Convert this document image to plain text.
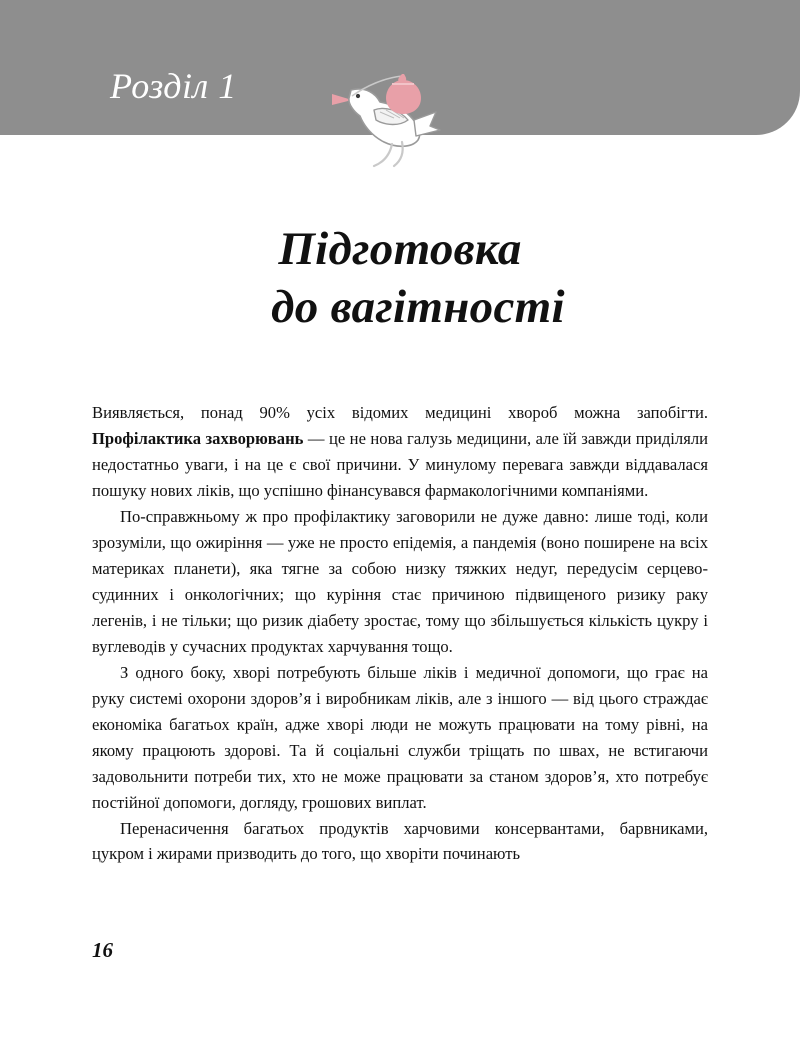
Розділ 1
Підготовка
до вагітності

Виявляється, понад 90% усіх відомих медицині хвороб можна запобігти. Профілактика захворювань — це не нова галузь медицини, але їй завжди приділяли недостатньо уваги, і на це є свої причини. У минулому перевага завжди віддавалася пошуку нових ліків, що успішно фінансувався фармакологічними компаніями.

По-справжньому ж про профілактику заговорили не дуже давно: лише тоді, коли зрозуміли, що ожиріння — уже не просто епідемія, а пандемія (воно поширене на всіх материках планети), яка тягне за собою низку тяжких недуг, передусім серцево-судинних і онкологічних; що куріння стає причиною підвищеного ризику раку легенів, і не тільки; що ризик діабету зростає, тому що збільшується кількість цукру і вуглеводів у сучасних продуктах харчування тощо.

З одного боку, хворі потребують більше ліків і медичної допомоги, що грає на руку системі охорони здоров’я і виробникам ліків, але з іншого — від цього страждає економіка багатьох країн, адже хворі люди не можуть працювати на тому рівні, на якому працюють здорові. Та й соціальні служби тріщать по швах, не встигаючи задовольнити потреби тих, хто не може працювати за станом здоров’я, хто потребує постійної допомоги, догляду, грошових виплат.

Перенасичення багатьох продуктів харчовими консервантами, барвниками, цукром і жирами призводить до того, що хворіти починають

16
